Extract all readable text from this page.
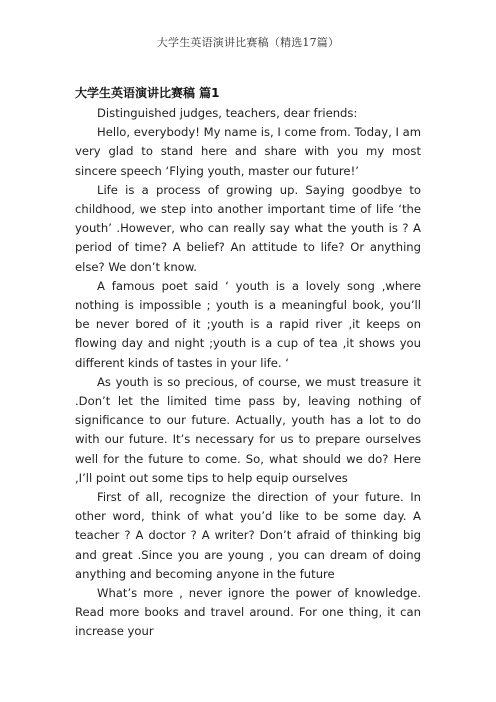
大学生英语演讲比赛稿（精选17篇）
大学生英语演讲比赛稿 篇1

Distinguished judges, teachers, dear friends:

Hello, everybody! My name is, I come from. Today, I am very glad to stand here and share with you my most sincere speech ‘Flying youth, master our future!’

Life is a process of growing up. Saying goodbye to childhood, we step into another important time of life ‘the youth’ .However, who can really say what the youth is ? A period of time? A belief? An attitude to life? Or anything else? We don’t know.

A famous poet said ‘ youth is a lovely song ,where nothing is impossible ; youth is a meaningful book, you’ll be never bored of it ;youth is a rapid river ,it keeps on flowing day and night ;youth is a cup of tea ,it shows you different kinds of tastes in your life. ‘

As youth is so precious, of course, we must treasure it .Don’t let the limited time pass by, leaving nothing of significance to our future. Actually, youth has a lot to do with our future. It’s necessary for us to prepare ourselves well for the future to come. So, what should we do? Here ,I’ll point out some tips to help equip ourselves

First of all, recognize the direction of your future. In other word, think of what you’d like to be some day. A teacher ? A doctor ? A writer? Don’t afraid of thinking big and great .Since you are young , you can dream of doing anything and becoming anyone in the future

What’s more , never ignore the power of knowledge. Read more books and travel around. For one thing, it can increase your
